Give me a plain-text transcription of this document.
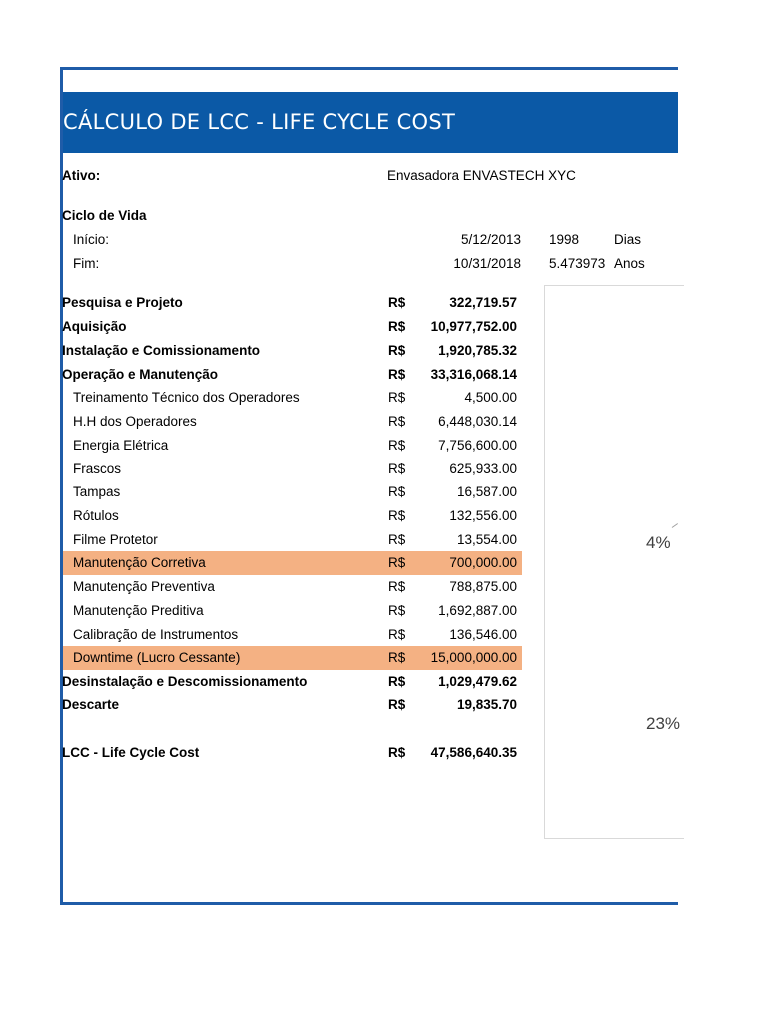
CÁLCULO DE LCC - LIFE CYCLE COST
Ativo:	Envasadora ENVASTECH XYC
Ciclo de Vida
Início:	5/12/2013 1998	Dias
Fim:	10/31/2018 5.473973 Anos
4%
23%
Pesquisa e Projeto	R$	322,719.57
Aquisição	R$	10,977,752.00
Instalação e Comissionamento	R$	1,920,785.32
Operação e Manutenção	R$	33,316,068.14
Treinamento Técnico dos Operadores	R$	4,500.00
H.H dos Operadores	R$	6,448,030.14
Energia Elétrica	R$	7,756,600.00
Frascos	R$	625,933.00
Tampas	R$	16,587.00
Rótulos	R$	132,556.00
Filme Protetor	R$	13,554.00
Manutenção Corretiva	R$	700,000.00
Manutenção Preventiva	R$	788,875.00
Manutenção Preditiva	R$	1,692,887.00
Calibração de Instrumentos	R$	136,546.00
Downtime (Lucro Cessante)	R$	15,000,000.00
Desinstalação e Descomissionamento	R$	1,029,479.62
Descarte	R$	19,835.70
LCC - Life Cycle Cost	R$	47,586,640.35
